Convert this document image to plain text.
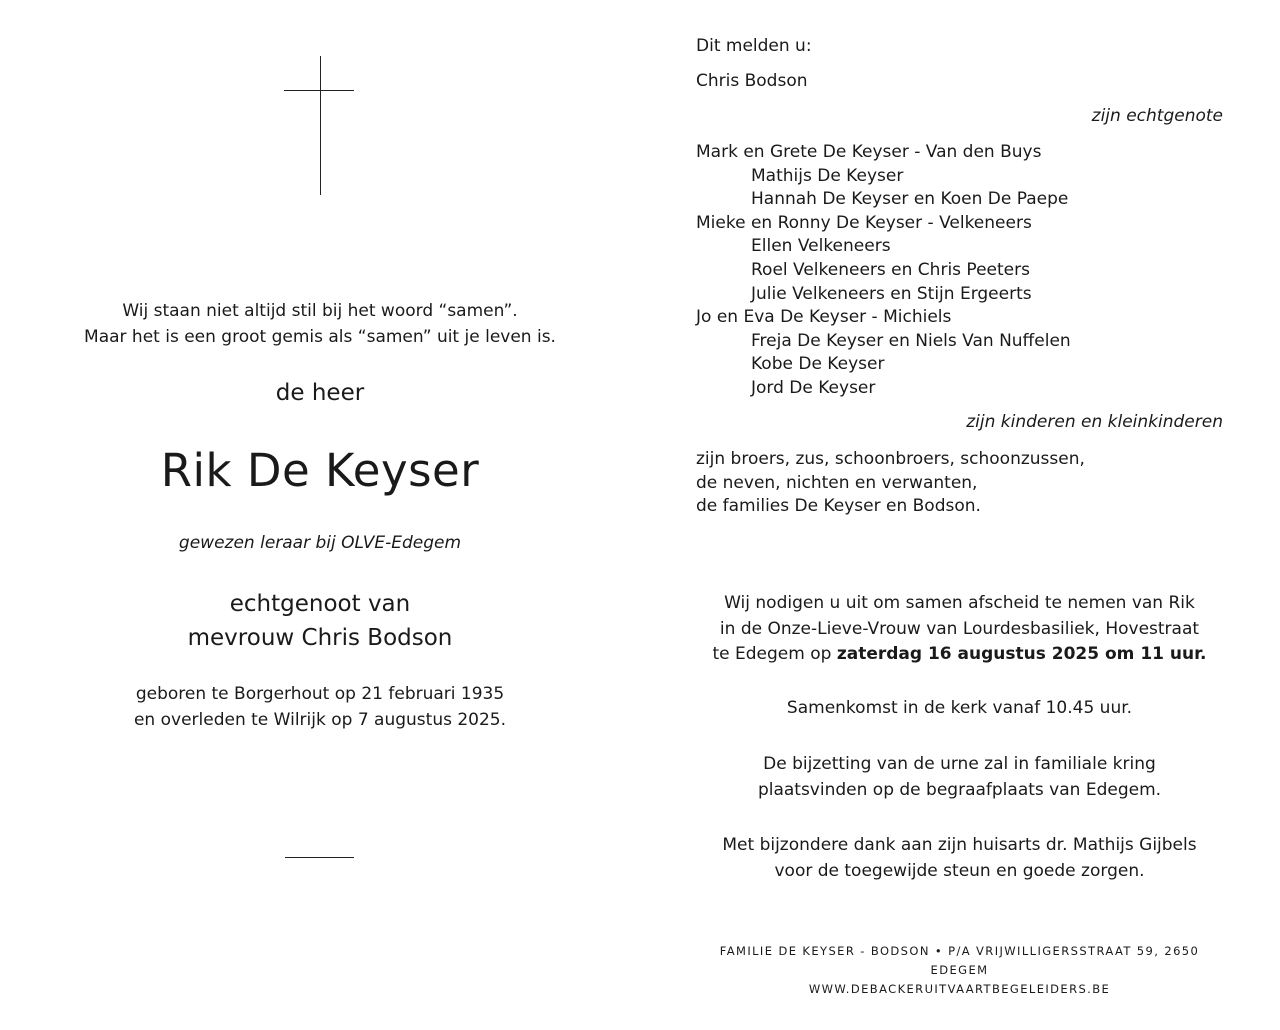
Wij staan niet altijd stil bij het woord “samen”.
Maar het is een groot gemis als “samen” uit je leven is.
de heer
Rik De Keyser
gewezen leraar bij OLVE-Edegem
echtgenoot van
mevrouw Chris Bodson
geboren te Borgerhout op 21 februari 1935
en overleden te Wilrijk op 7 augustus 2025.
Dit melden u:
Chris Bodson
zijn echtgenote
Mark en Grete De Keyser - Van den Buys
Mathijs De Keyser
Hannah De Keyser en Koen De Paepe
Mieke en Ronny De Keyser - Velkeneers
Ellen Velkeneers
Roel Velkeneers en Chris Peeters
Julie Velkeneers en Stijn Ergeerts
Jo en Eva De Keyser - Michiels
Freja De Keyser en Niels Van Nuffelen
Kobe De Keyser
Jord De Keyser
zijn kinderen en kleinkinderen
zijn broers, zus, schoonbroers, schoonzussen,
de neven, nichten en verwanten,
de families De Keyser en Bodson.
Wij nodigen u uit om samen afscheid te nemen van Rik
in de Onze-Lieve-Vrouw van Lourdesbasiliek, Hovestraat
te Edegem op zaterdag 16 augustus 2025 om 11 uur.
Samenkomst in de kerk vanaf 10.45 uur.
De bijzetting van de urne zal in familiale kring
plaatsvinden op de begraafplaats van Edegem.
Met bijzondere dank aan zijn huisarts dr. Mathijs Gijbels
voor de toegewijde steun en goede zorgen.
FAMILIE DE KEYSER - BODSON • P/A VRIJWILLIGERSSTRAAT 59, 2650 EDEGEM
WWW.DEBACKERUITVAARTBEGELEIDERS.BE
